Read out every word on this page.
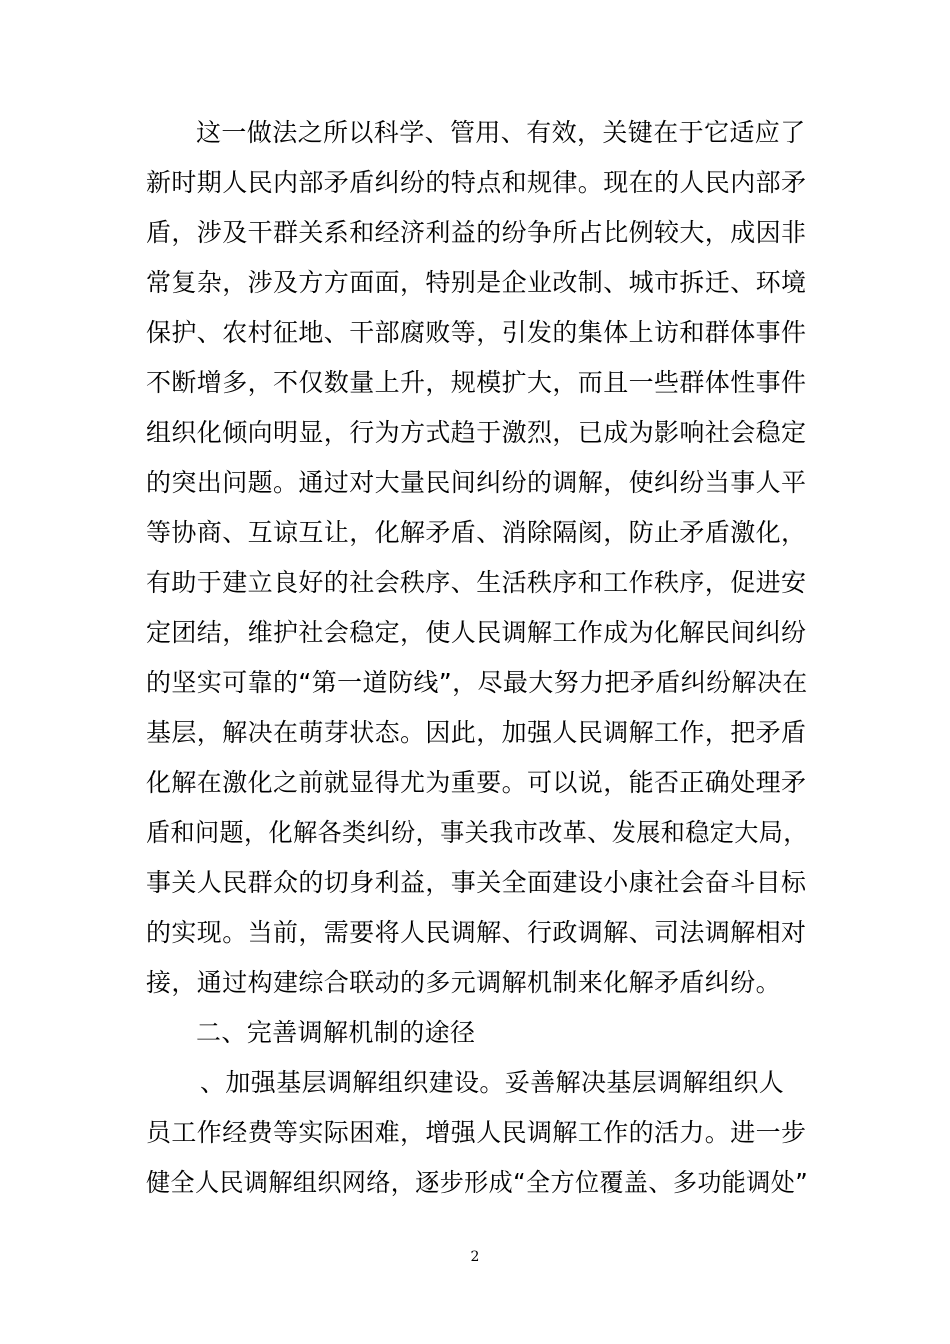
这一做法之所以科学、管用、有效，关键在于它适应了
新时期人民内部矛盾纠纷的特点和规律。现在的人民内部矛
盾，涉及干群关系和经济利益的纷争所占比例较大，成因非
常复杂，涉及方方面面，特别是企业改制、城市拆迁、环境
保护、农村征地、干部腐败等，引发的集体上访和群体事件
不断增多，不仅数量上升，规模扩大，而且一些群体性事件
组织化倾向明显，行为方式趋于激烈，已成为影响社会稳定
的突出问题。通过对大量民间纠纷的调解，使纠纷当事人平
等协商、互谅互让，化解矛盾、消除隔阂，防止矛盾激化，
有助于建立良好的社会秩序、生活秩序和工作秩序，促进安
定团结，维护社会稳定，使人民调解工作成为化解民间纠纷
的坚实可靠的“第一道防线”，尽最大努力把矛盾纠纷解决在
基层，解决在萌芽状态。因此，加强人民调解工作，把矛盾
化解在激化之前就显得尤为重要。可以说，能否正确处理矛
盾和问题，化解各类纠纷，事关我市改革、发展和稳定大局，
事关人民群众的切身利益，事关全面建设小康社会奋斗目标
的实现。当前，需要将人民调解、行政调解、司法调解相对
接，通过构建综合联动的多元调解机制来化解矛盾纠纷。
二、完善调解机制的途径
、加强基层调解组织建设。妥善解决基层调解组织人
员工作经费等实际困难，增强人民调解工作的活力。进一步
健全人民调解组织网络，逐步形成“全方位覆盖、多功能调处”
2
